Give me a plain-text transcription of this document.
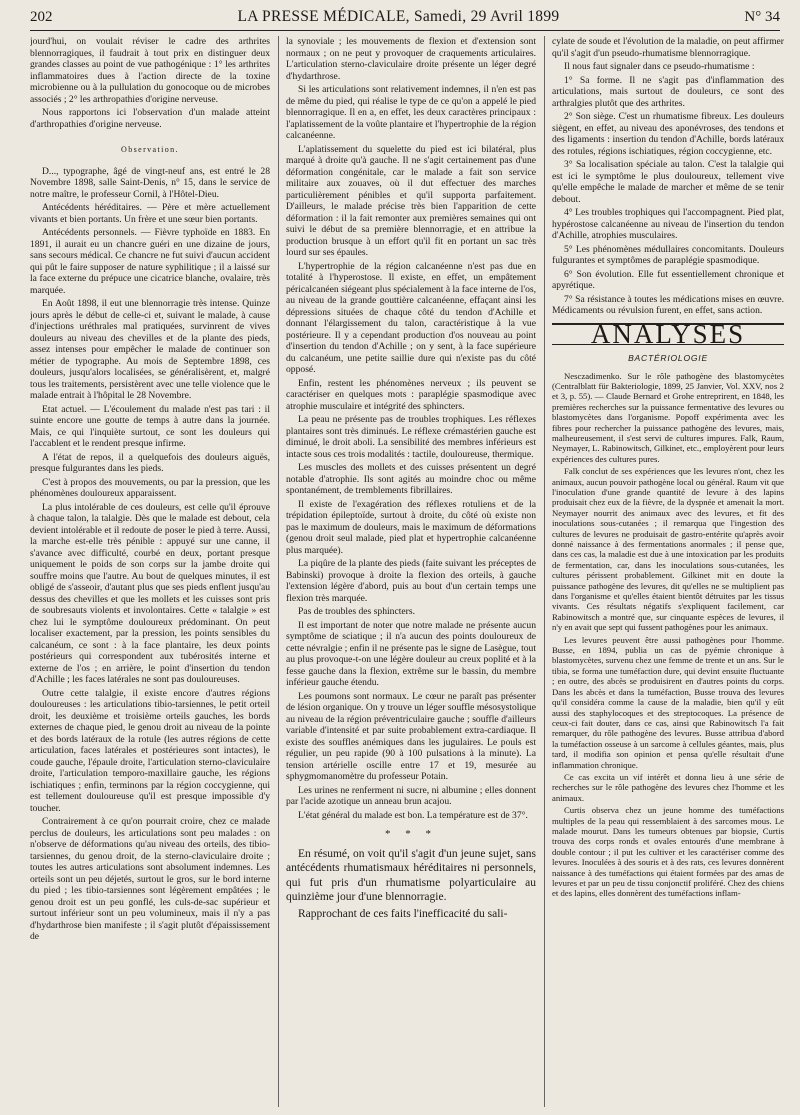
202	LA PRESSE MÉDICALE, Samedi, 29 Avril 1899	N° 34

jourd'hui, on voulait réviser le cadre des arthrites blennorragiques, il faudrait à tout prix en distinguer deux grandes classes au point de vue pathogénique : 1° les arthrites inflammatoires dues à l'action directe de la toxine microbienne ou à la pullulation du gonocoque ou de microbes associés ; 2° les arthropathies d'origine nerveuse.

Nous rapportons ici l'observation d'un malade atteint d'arthropathies d'origine nerveuse.

Observation.

D..., typographe, âgé de vingt-neuf ans, est entré le 28 Novembre 1898, salle Saint-Denis, n° 15, dans le service de notre maître, le professeur Cornil, à l'Hôtel-Dieu.

Antécédents héréditaires. — Père et mère actuellement vivants et bien portants. Un frère et une sœur bien portants.

Antécédents personnels. — Fièvre typhoïde en 1883. En 1891, il aurait eu un chancre guéri en une dizaine de jours, sans secours médical. Ce chancre ne fut suivi d'aucun accident qui pût le faire supposer de nature syphilitique ; il a laissé sur la face externe du prépuce une cicatrice blanche, ovalaire, très marquée.

En Août 1898, il eut une blennorragie très intense. Quinze jours après le début de celle-ci et, suivant le malade, à cause d'injections uréthrales mal pratiquées, survinrent de vives douleurs au niveau des chevilles et de la plante des pieds, assez intenses pour empêcher le malade de continuer son métier de typographe. Au mois de Septembre 1898, ces douleurs, jusqu'alors localisées, se généralisèrent, et, malgré tous les traitements, persistèrent avec une telle violence que le malade entrait à l'hôpital le 28 Novembre.

Etat actuel. — L'écoulement du malade n'est pas tari : il suinte encore une goutte de temps à autre dans la journée. Mais, ce qui l'inquiète surtout, ce sont les douleurs qui l'accablent et le rendent presque infirme.

A l'état de repos, il a quelquefois des douleurs aiguës, presque fulgurantes dans les pieds.

C'est à propos des mouvements, ou par la pression, que les phénomènes douloureux apparaissent.

La plus intolérable de ces douleurs, est celle qu'il éprouve à chaque talon, la talalgie. Dès que le malade est debout, cela devient intolérable et il redoute de poser le pied à terre. Aussi, la marche est-elle très pénible : appuyé sur une canne, il s'avance avec difficulté, courbé en deux, portant presque uniquement le poids de son corps sur la jambe droite qui souffre moins que l'autre. Au bout de quelques minutes, il est obligé de s'asseoir, d'autant plus que ses pieds enflent jusqu'au dessus des chevilles et que les mollets et les cuisses sont pris de soubresauts violents et involontaires. Cette « talalgie » est chez lui le symptôme douloureux prédominant. On peut localiser exactement, par la pression, les points sensibles du calcanéum, ce sont : à la face plantaire, les deux points postérieurs qui correspondent aux tubérosités interne et externe de l'os ; en arrière, le point d'insertion du tendon d'Achille ; les faces latérales ne sont pas douloureuses.

Outre cette talalgie, il existe encore d'autres régions douloureuses : les articulations tibio-tarsiennes, le petit orteil droit, les deuxième et troisième orteils gauches, les bords externes de chaque pied, le genou droit au niveau de la pointe et des bords latéraux de la rotule (les autres régions de cette articulation, faces latérales et postérieures sont intactes), le coude gauche, l'épaule droite, l'articulation sterno-claviculaire droite, l'articulation temporo-maxillaire gauche, les régions ischiatiques ; enfin, terminons par la région coccygienne, qui est tellement douloureuse qu'il est presque impossible d'y toucher.

Contrairement à ce qu'on pourrait croire, chez ce malade perclus de douleurs, les articulations sont peu malades : on n'observe de déformations qu'au niveau des orteils, des tibio-tarsiennes, du genou droit, de la sterno-claviculaire droite ; toutes les autres articulations sont absolument indemnes. Les orteils sont un peu déjetés, surtout le gros, sur le bord interne du pied ; les tibio-tarsiennes sont légèrement empâtées ; le genou droit est un peu gonflé, les culs-de-sac supérieur et surtout inférieur sont un peu volumineux, mais il n'y a pas d'hydarthrose bien manifeste ; il s'agit plutôt d'épaississement de

la synoviale ; les mouvements de flexion et d'extension sont normaux ; on ne peut y provoquer de craquements articulaires. L'articulation sterno-claviculaire droite présente un léger degré d'hydarthrose.

Si les articulations sont relativement indemnes, il n'en est pas de même du pied, qui réalise le type de ce qu'on a appelé le pied blennorragique. Il en a, en effet, les deux caractères principaux : l'aplatissement de la voûte plantaire et l'hypertrophie de la région calcanéenne.

L'aplatissement du squelette du pied est ici bilatéral, plus marqué à droite qu'à gauche. Il ne s'agit certainement pas d'une déformation congénitale, car le malade a fait son service militaire aux zouaves, où il dut effectuer des marches particulièrement pénibles et qu'il supporta parfaitement. D'ailleurs, le malade précise très bien l'apparition de cette déformation : il la fait remonter aux premières semaines qui ont suivi le début de sa première blennorragie, et en attribue la production brusque à un effort qu'il fit en portant un sac très lourd sur ses épaules.

L'hypertrophie de la région calcanéenne n'est pas due en totalité à l'hyperostose. Il existe, en effet, un empâtement péricalcanéen siégeant plus spécialement à la face interne de l'os, au niveau de la grande gouttière calcanéenne, effaçant ainsi les dépressions situées de chaque côté du tendon d'Achille et donnant l'élargissement du talon, caractéristique à la vue postérieure. Il y a cependant production d'os nouveau au point d'insertion du tendon d'Achille ; on y sent, à la face supérieure du calcanéum, une petite saillie dure qui n'existe pas du côté opposé.

Enfin, restent les phénomènes nerveux ; ils peuvent se caractériser en quelques mots : paraplégie spasmodique avec atrophie musculaire et intégrité des sphincters.

La peau ne présente pas de troubles trophiques. Les réflexes plantaires sont très diminués. Le réflexe crémastérien gauche est diminué, le droit aboli. La sensibilité des membres inférieurs est intacte sous ces trois modalités : tactile, douloureuse, thermique.

Les muscles des mollets et des cuisses présentent un degré notable d'atrophie. Ils sont agités au moindre choc ou même spontanément, de tremblements fibrillaires.

Il existe de l'exagération des réflexes rotuliens et de la trépidation épileptoïde, surtout à droite, du côté où existe non pas le maximum de douleurs, mais le maximum de déformations (genou droit seul malade, pied plat et hypertrophie calcanéenne plus marquée).

La piqûre de la plante des pieds (faite suivant les préceptes de Babinski) provoque à droite la flexion des orteils, à gauche l'extension légère d'abord, puis au bout d'un certain temps une flexion très marquée.

Pas de troubles des sphincters.

Il est important de noter que notre malade ne présente aucun symptôme de sciatique ; il n'a aucun des points douloureux de cette névralgie ; enfin il ne présente pas le signe de Lasègue, tout au plus provoque-t-on une légère douleur au creux poplité et à la fesse gauche dans la flexion, extrême sur le bassin, du membre inférieur gauche étendu.

Les poumons sont normaux. Le cœur ne paraît pas présenter de lésion organique. On y trouve un léger souffle mésosystolique au niveau de la région préventriculaire gauche ; souffle d'ailleurs variable d'intensité et par suite probablement extra-cardiaque. Il existe des souffles anémiques dans les jugulaires. Le pouls est régulier, un peu rapide (90 à 100 pulsations à la minute). La tension artérielle oscille entre 17 et 19, mesurée au sphygmomanomètre du professeur Potain.

Les urines ne renferment ni sucre, ni albumine ; elles donnent par l'acide azotique un anneau brun acajou.

L'état général du malade est bon. La température est de 37°.

* * *

En résumé, on voit qu'il s'agit d'un jeune sujet, sans antécédents rhumatismaux héréditaires ni personnels, qui fut pris d'un rhumatisme polyarticulaire au quinzième jour d'une blennorragie.

Rapprochant de ces faits l'inefficacité du sali-

cylate de soude et l'évolution de la maladie, on peut affirmer qu'il s'agit d'un pseudo-rhumatisme blennorragique.

Il nous faut signaler dans ce pseudo-rhumatisme :

1° Sa forme. Il ne s'agit pas d'inflammation des articulations, mais surtout de douleurs, ce sont des arthralgies plutôt que des arthrites.

2° Son siège. C'est un rhumatisme fibreux. Les douleurs siègent, en effet, au niveau des aponévroses, des tendons et des ligaments : insertion du tendon d'Achille, bords latéraux des rotules, régions ischiatiques, région coccygienne, etc.

3° Sa localisation spéciale au talon. C'est la talalgie qui est ici le symptôme le plus douloureux, tellement vive qu'elle empêche le malade de marcher et même de se tenir debout.

4° Les troubles trophiques qui l'accompagnent. Pied plat, hypérostose calcanéenne au niveau de l'insertion du tendon d'Achille, atrophies musculaires.

5° Les phénomènes médullaires concomitants. Douleurs fulgurantes et symptômes de paraplégie spasmodique.

6° Son évolution. Elle fut essentiellement chronique et apyrétique.

7° Sa résistance à toutes les médications mises en œuvre. Médicaments ou révulsion furent, en effet, sans action.

ANALYSES
BACTÉRIOLOGIE

Nesczadimenko. Sur le rôle pathogène des blastomycètes (Centralblatt für Bakteriologie, 1899, 25 Janvier, Vol. XXV, nos 2 et 3, p. 55). — Claude Bernard et Grohe entreprirent, en 1848, les premières recherches sur la puissance fermentative des levures ou blastomycètes dans l'organisme. Popoff expérimenta avec les fibres pour rechercher la puissance pathogène des levures, mais, malheureusement, il s'est servi de cultures impures. Falk, Raum, Neymayer, L. Rabinowitsch, Gilkinet, etc., employèrent pour leurs expériences des cultures pures.

Falk conclut de ses expériences que les levures n'ont, chez les animaux, aucun pouvoir pathogène local ou général. Raum vit que l'inoculation d'une grande quantité de levure à des lapins produisait chez eux de la fièvre, de la dyspnée et amenait la mort. Neymayer nourrit des animaux avec des levures, et fit des inoculations sous-cutanées ; il remarqua que l'ingestion des cultures de levures ne produisait de gastro-entérite qu'après avoir donné naissance à des fermentations anormales ; il pense que, dans ces cas, la maladie est due à une intoxication par les produits de fermentation, car, dans les inoculations sous-cutanées, les cultures périssent probablement. Gilkinet mit en doute la puissance pathogène des levures, dit qu'elles ne se multiplient pas dans l'organisme et qu'elles étaient bientôt détruites par les tissus vivants. Ces résultats négatifs s'expliquent facilement, car Rabinowitsch a montré que, sur cinquante espèces de levures, il n'y en avait que sept qui fussent pathogènes pour les animaux.

Les levures peuvent être aussi pathogènes pour l'homme. Busse, en 1894, publia un cas de pyémie chronique à blastomycètes, survenu chez une femme de trente et un ans. Sur le tibia, se forma une tuméfaction dure, qui devint ensuite fluctuante ; en outre, des abcès se produisirent en d'autres points du corps. Dans les abcès et dans la tuméfaction, Busse trouva des levures qu'il considéra comme la cause de la maladie, bien qu'il y eût aussi des staphylocoques et des streptocoques. La présence de ceux-ci fait douter, dans ce cas, ainsi que Rabinowitsch l'a fait remarquer, du rôle pathogène des levures. Busse attribua d'abord la tuméfaction osseuse à un sarcome à cellules géantes, mais, plus tard, il modifia son opinion et pensa qu'elle résultait d'une inflammation chronique.

Ce cas excita un vif intérêt et donna lieu à une série de recherches sur le rôle pathogène des levures chez l'homme et les animaux.

Curtis observa chez un jeune homme des tuméfactions multiples de la peau qui ressemblaient à des sarcomes mous. Le malade mourut. Dans les tumeurs obtenues par biopsie, Curtis trouva des corps ronds et ovales entourés d'une membrane à double contour ; il put les cultiver et les caractériser comme des levures. Inoculées à des souris et à des rats, ces levures donnèrent naissance à des tuméfactions qui étaient formées par des amas de levures et par un peu de tissu conjonctif proliféré. Chez des chiens et des lapins, elles donnèrent des tuméfactions inflam-
